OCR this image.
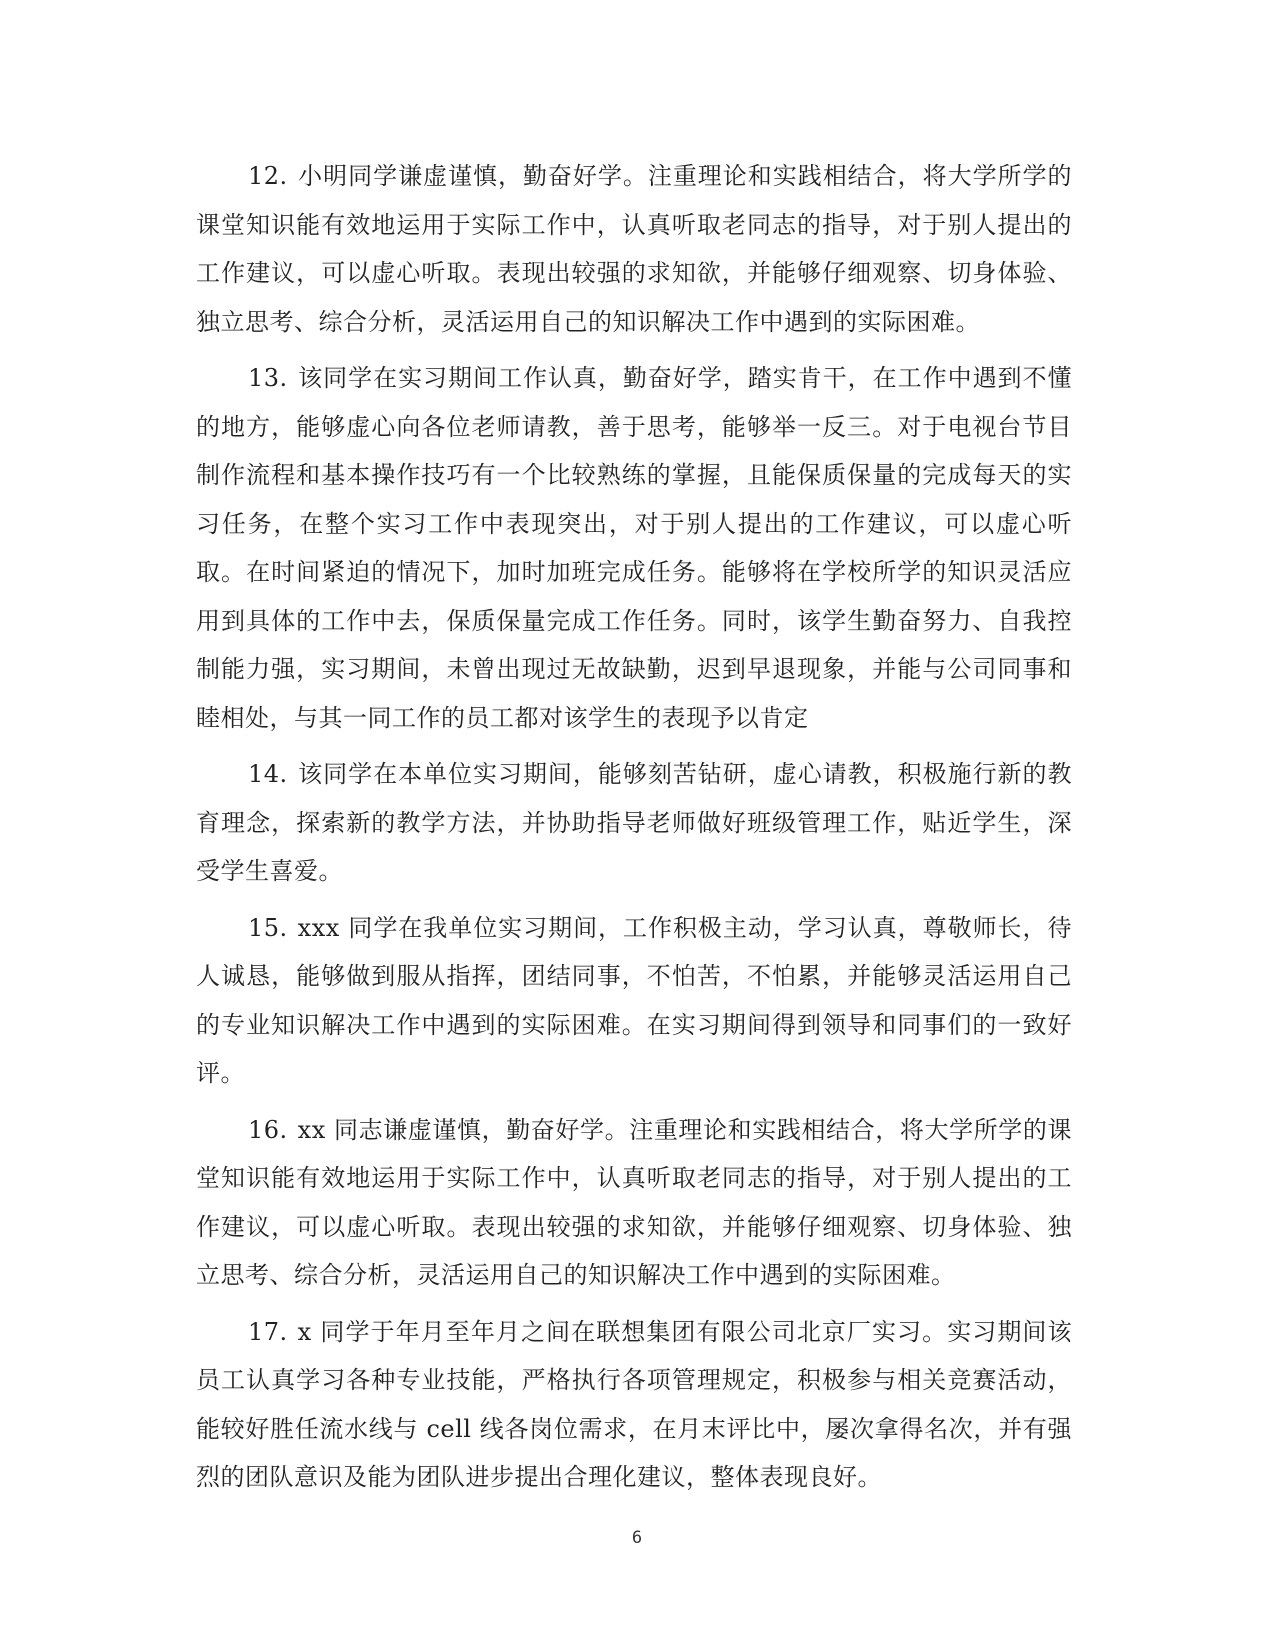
12. 小明同学谦虚谨慎，勤奋好学。注重理论和实践相结合，将大学所学的课堂知识能有效地运用于实际工作中，认真听取老同志的指导，对于别人提出的工作建议，可以虚心听取。表现出较强的求知欲，并能够仔细观察、切身体验、独立思考、综合分析，灵活运用自己的知识解决工作中遇到的实际困难。

13. 该同学在实习期间工作认真，勤奋好学，踏实肯干，在工作中遇到不懂的地方，能够虚心向各位老师请教，善于思考，能够举一反三。对于电视台节目制作流程和基本操作技巧有一个比较熟练的掌握，且能保质保量的完成每天的实习任务，在整个实习工作中表现突出，对于别人提出的工作建议，可以虚心听取。在时间紧迫的情况下，加时加班完成任务。能够将在学校所学的知识灵活应用到具体的工作中去，保质保量完成工作任务。同时，该学生勤奋努力、自我控制能力强，实习期间，未曾出现过无故缺勤，迟到早退现象，并能与公司同事和睦相处，与其一同工作的员工都对该学生的表现予以肯定

14. 该同学在本单位实习期间，能够刻苦钻研，虚心请教，积极施行新的教育理念，探索新的教学方法，并协助指导老师做好班级管理工作，贴近学生，深受学生喜爱。

15. xxx 同学在我单位实习期间，工作积极主动，学习认真，尊敬师长，待人诚恳，能够做到服从指挥，团结同事，不怕苦，不怕累，并能够灵活运用自己的专业知识解决工作中遇到的实际困难。在实习期间得到领导和同事们的一致好评。

16. xx 同志谦虚谨慎，勤奋好学。注重理论和实践相结合，将大学所学的课堂知识能有效地运用于实际工作中，认真听取老同志的指导，对于别人提出的工作建议，可以虚心听取。表现出较强的求知欲，并能够仔细观察、切身体验、独立思考、综合分析，灵活运用自己的知识解决工作中遇到的实际困难。

17. x 同学于年月至年月之间在联想集团有限公司北京厂实习。实习期间该员工认真学习各种专业技能，严格执行各项管理规定，积极参与相关竞赛活动，能较好胜任流水线与 cell 线各岗位需求，在月末评比中，屡次拿得名次，并有强烈的团队意识及能为团队进步提出合理化建议，整体表现良好。

6
